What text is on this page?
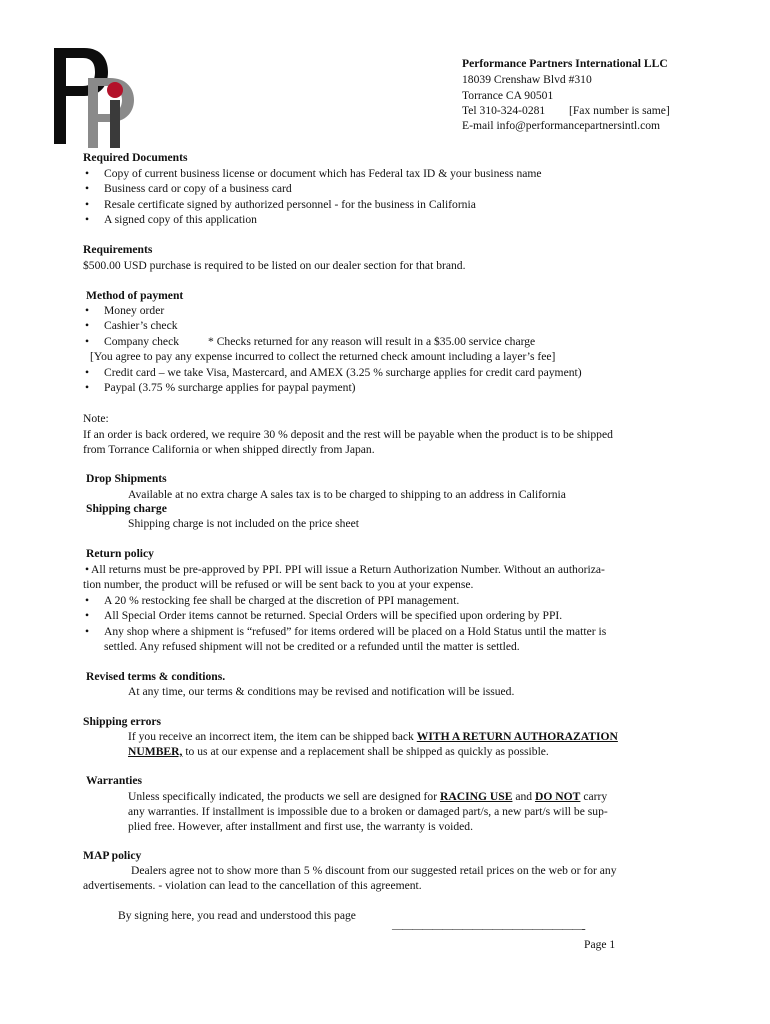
Performance Partners International LLC
18039 Crenshaw Blvd #310
Torrance CA 90501
Tel 310-324-0281 [Fax number is same]
E-mail info@performancepartnersintl.com
Required Documents
• Copy of current business license or document which has Federal tax ID & your business name
• Business card or copy of a business card
• Resale certificate signed by authorized personnel - for the business in California
• A signed copy of this application
Requirements
$500.00 USD purchase is required to be listed on our dealer section for that brand.
Method of payment
• Money order
• Cashier’s check
• Company check * Checks returned for any reason will result in a $35.00 service charge
[You agree to pay any expense incurred to collect the returned check amount including a layer’s fee]
• Credit card – we take Visa, Mastercard, and AMEX (3.25 % surcharge applies for credit card payment)
• Paypal (3.75 % surcharge applies for paypal payment)
Note:
If an order is back ordered, we require 30 % deposit and the rest will be payable when the product is to be shipped
from Torrance California or when shipped directly from Japan.
Drop Shipments
Available at no extra charge A sales tax is to be charged to shipping to an address in California
Shipping charge
Shipping charge is not included on the price sheet
Return policy
• All returns must be pre-approved by PPI. PPI will issue a Return Authorization Number. Without an authoriza-
tion number, the product will be refused or will be sent back to you at your expense.
• A 20 % restocking fee shall be charged at the discretion of PPI management.
• All Special Order items cannot be returned. Special Orders will be specified upon ordering by PPI.
• Any shop where a shipment is “refused” for items ordered will be placed on a Hold Status until the matter is
settled. Any refused shipment will not be credited or a refunded until the matter is settled.
Revised terms & conditions.
At any time, our terms & conditions may be revised and notification will be issued.
Shipping errors
If you receive an incorrect item, the item can be shipped back WITH A RETURN AUTHORAZATION
NUMBER, to us at our expense and a replacement shall be shipped as quickly as possible.
Warranties
Unless specifically indicated, the products we sell are designed for RACING USE and DO NOT carry
any warranties. If installment is impossible due to a broken or damaged part/s, a new part/s will be sup-
plied free. However, after installment and first use, the warranty is voided.
MAP policy
Dealers agree not to show more than 5 % discount from our suggested retail prices on the web or for any
advertisements. - violation can lead to the cancellation of this agreement.
By signing here, you read and understood this page
———————————————————-
Page 1
